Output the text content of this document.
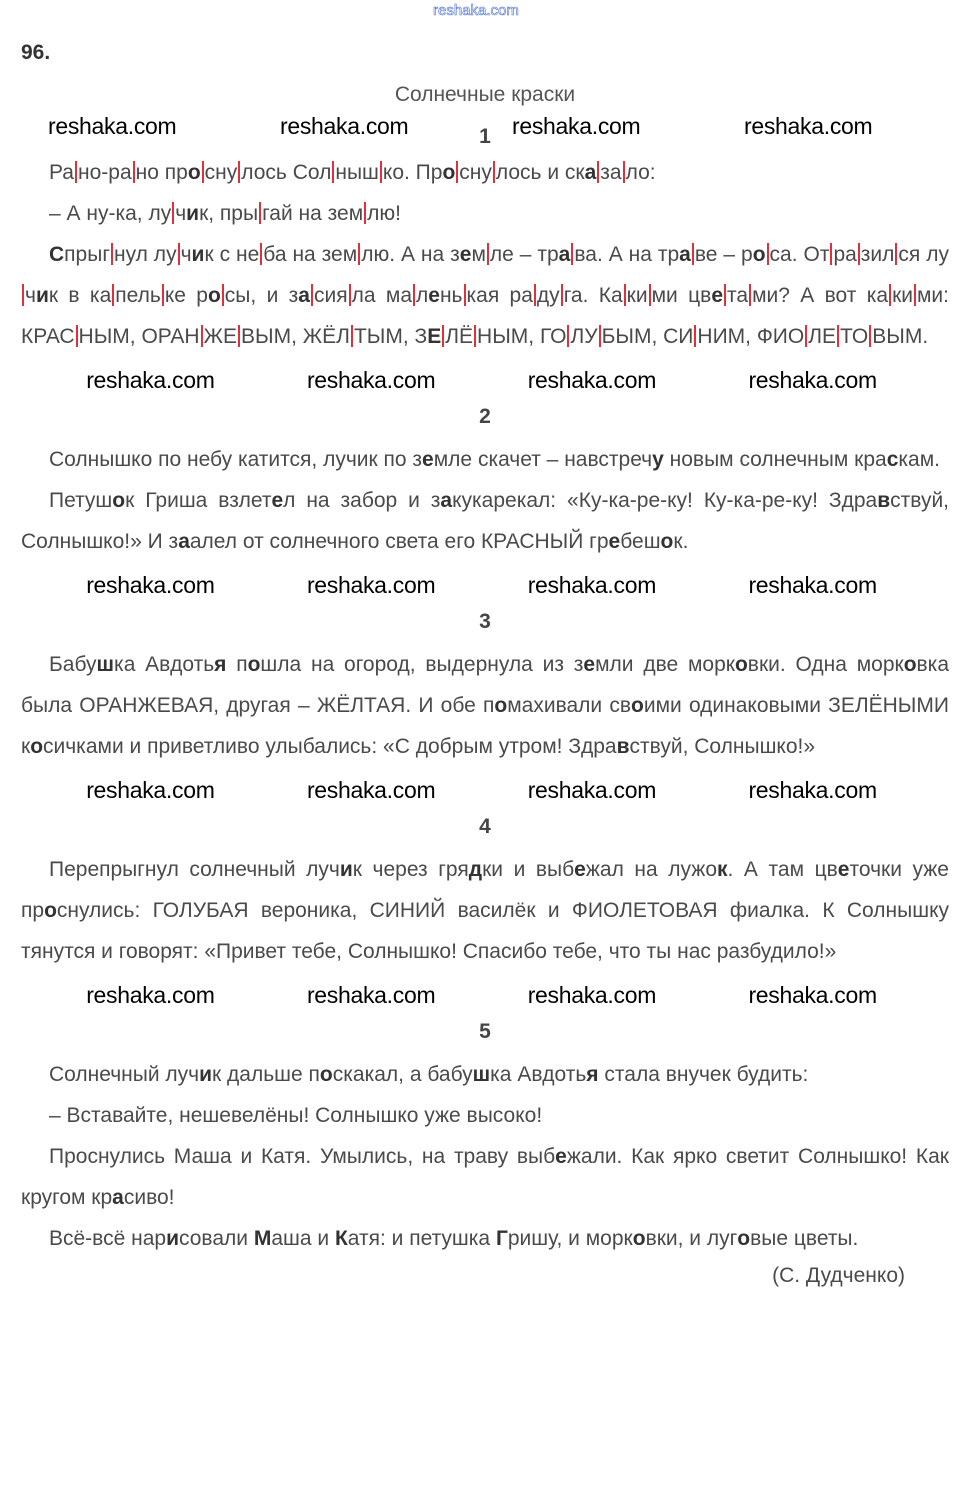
reshaka.com
96.
Солнечные краски
reshaka.com	reshaka.com	1 reshaka.com	reshaka.com
Ра но-ра но про сну лось Сол ныш ко. Про сну лось и ска за ло:
– А ну-ка, лу чик, пры гай на зем лю!
Спрыг нул лу чик с не ба на зем лю. А на зем ле – тра ва. А на тра ве – ро са. От ра зил ся лучик в ка пель ке ро сы, и за сия ла ма лень кая ра ду га. Ка ки ми цве та ми? А вот ка ки ми: КРАС НЫМ, ОРАН ЖЕ ВЫМ, ЖЁЛ ТЫМ, ЗЕ ЛЁ НЫМ, ГО ЛУ БЫМ, СИ НИМ, ФИО ЛЕ ТО ВЫМ.
reshaka.com	reshaka.com	reshaka.com	reshaka.com
2
Солнышко по небу катится, лучик по земле скачет – навстречу новым солнечным краскам.
Петушок Гриша взлетел на забор и закукарекал: «Ку-ка-ре-ку! Ку-ка-ре-ку! Здравствуй, Солнышко!» И заалел от солнечного света его КРАСНЫЙ гребешок.
reshaka.com	reshaka.com	reshaka.com	reshaka.com
3
Бабушка Авдотья пошла на огород, выдернула из земли две морковки. Одна морковка была ОРАНЖЕВАЯ, другая – ЖЁЛТАЯ. И обе помахивали своими одинаковыми ЗЕЛЁНЫМИ косичками и приветливо улыбались: «С добрым утром! Здравствуй, Солнышко!»
reshaka.com	reshaka.com	reshaka.com	reshaka.com
4
Перепрыгнул солнечный лучик через грядки и выбежал на лужок. А там цветочки уже проснулись: ГОЛУБАЯ вероника, СИНИЙ василёк и ФИОЛЕТОВАЯ фиалка. К Солнышку тянутся и говорят: «Привет тебе, Солнышко! Спасибо тебе, что ты нас разбудило!»
reshaka.com	reshaka.com	reshaka.com	reshaka.com
5
Солнечный лучик дальше поскакал, а бабушка Авдотья стала внучек будить:
– Вставайте, нешевелёны! Солнышко уже высоко!
Проснулись Маша и Катя. Умылись, на траву выбежали. Как ярко светит Солнышко! Как кругом красиво!
Всё-всё нарисовали Маша и Катя: и петушка Гришу, и морковки, и луговые цветы.
(С. Дудченко)
